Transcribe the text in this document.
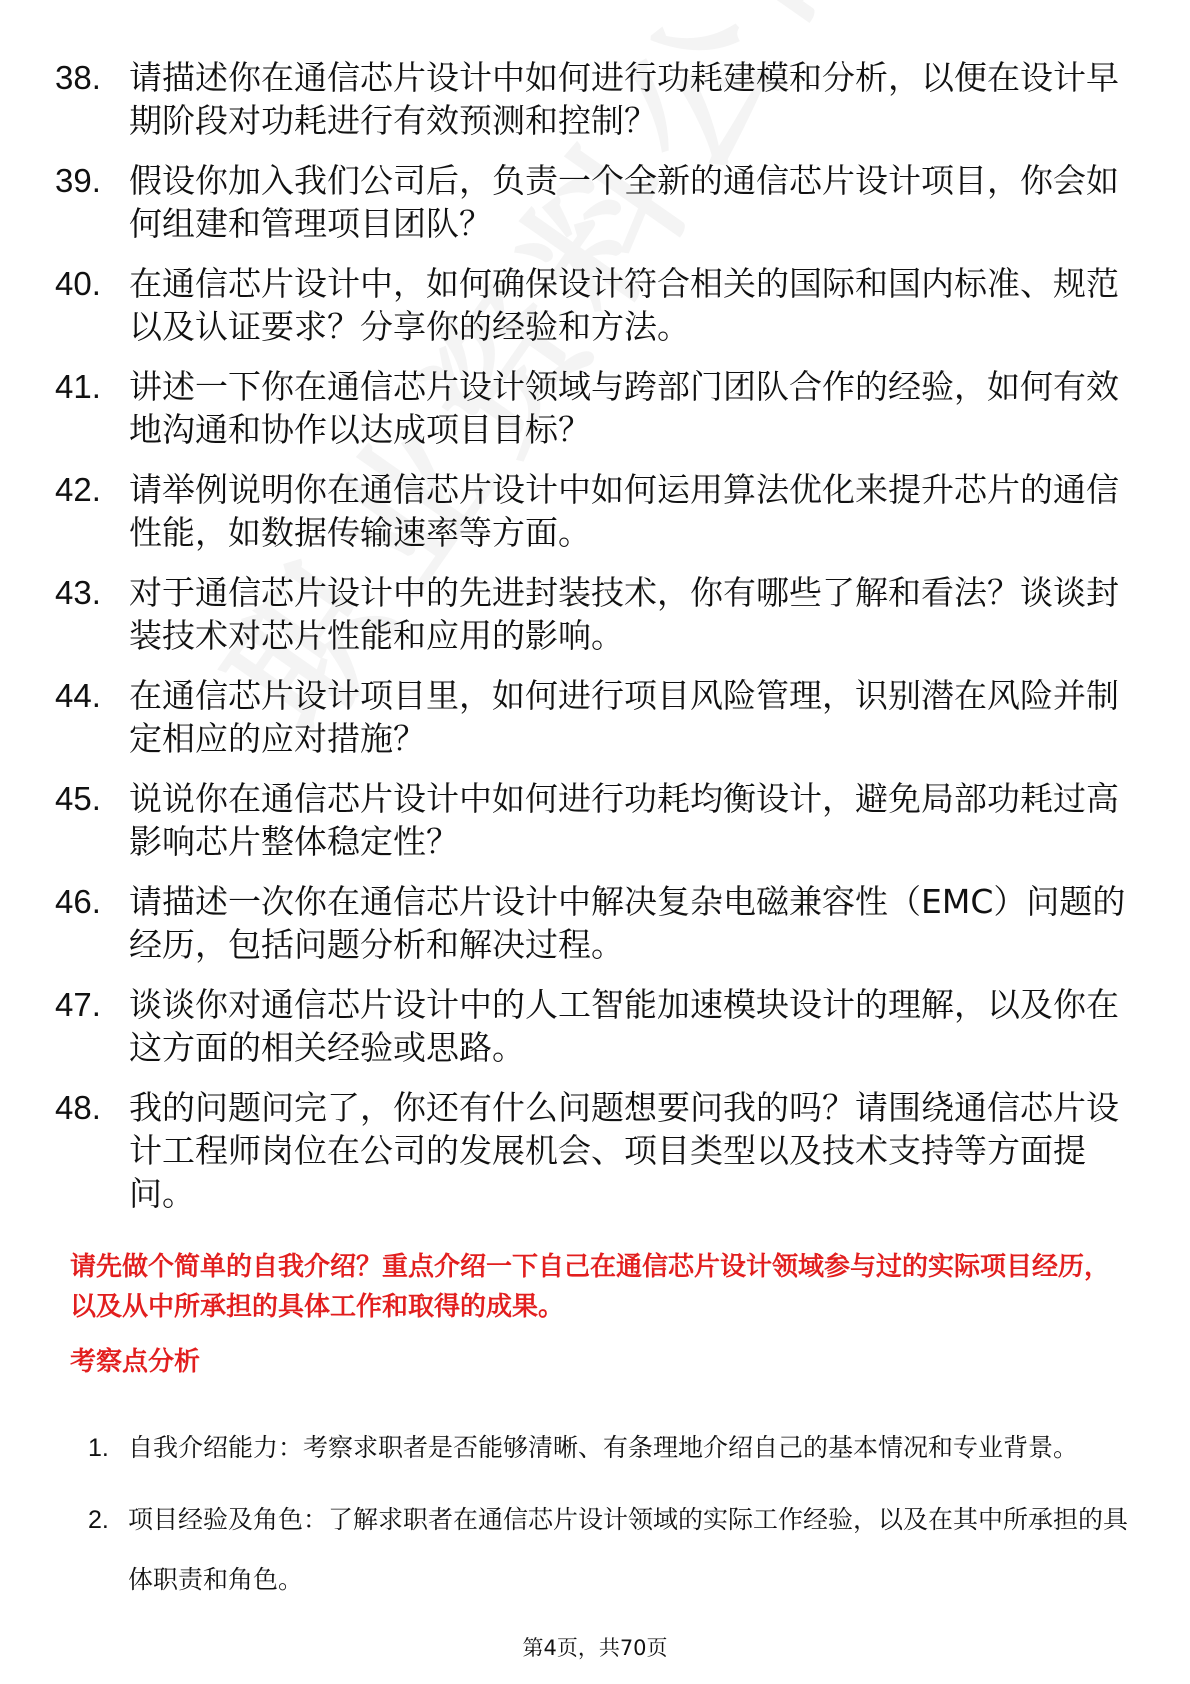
38. 请描述你在通信芯片设计中如何进行功耗建模和分析，以便在设计早期阶段对功耗进行有效预测和控制？
39. 假设你加入我们公司后，负责一个全新的通信芯片设计项目，你会如何组建和管理项目团队？
40. 在通信芯片设计中，如何确保设计符合相关的国际和国内标准、规范以及认证要求？分享你的经验和方法。
41. 讲述一下你在通信芯片设计领域与跨部门团队合作的经验，如何有效地沟通和协作以达成项目目标？
42. 请举例说明你在通信芯片设计中如何运用算法优化来提升芯片的通信性能，如数据传输速率等方面。
43. 对于通信芯片设计中的先进封装技术，你有哪些了解和看法？谈谈封装技术对芯片性能和应用的影响。
44. 在通信芯片设计项目里，如何进行项目风险管理，识别潜在风险并制定相应的应对措施？
45. 说说你在通信芯片设计中如何进行功耗均衡设计，避免局部功耗过高影响芯片整体稳定性？
46. 请描述一次你在通信芯片设计中解决复杂电磁兼容性（EMC）问题的经历，包括问题分析和解决过程。
47. 谈谈你对通信芯片设计中的人工智能加速模块设计的理解，以及你在这方面的相关经验或思路。
48. 我的问题问完了，你还有什么问题想要问我的吗？请围绕通信芯片设计工程师岗位在公司的发展机会、项目类型以及技术支持等方面提问。
请先做个简单的自我介绍？重点介绍一下自己在通信芯片设计领域参与过的实际项目经历，以及从中所承担的具体工作和取得的成果。
考察点分析
1. 自我介绍能力：考察求职者是否能够清晰、有条理地介绍自己的基本情况和专业背景。
2. 项目经验及角色：了解求职者在通信芯片设计领域的实际工作经验，以及在其中所承担的具体职责和角色。
第4页，共70页
